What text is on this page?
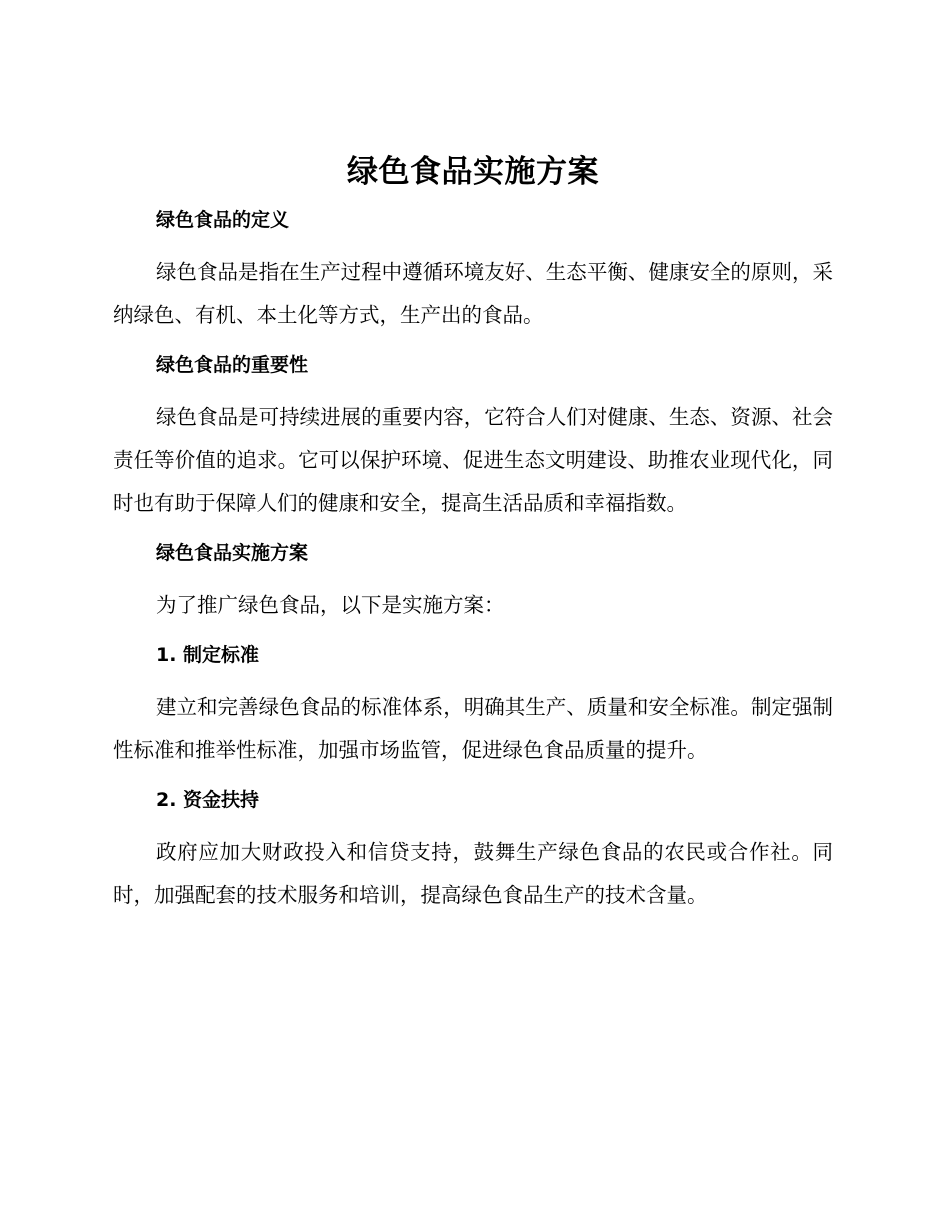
绿色食品实施方案
绿色食品的定义

绿色食品是指在生产过程中遵循环境友好、生态平衡、健康安全的原则，采纳绿色、有机、本土化等方式，生产出的食品。

绿色食品的重要性

绿色食品是可持续进展的重要内容，它符合人们对健康、生态、资源、社会责任等价值的追求。它可以保护环境、促进生态文明建设、助推农业现代化，同时也有助于保障人们的健康和安全，提高生活品质和幸福指数。

绿色食品实施方案

为了推广绿色食品，以下是实施方案：

1. 制定标准

建立和完善绿色食品的标准体系，明确其生产、质量和安全标准。制定强制性标准和推举性标准，加强市场监管，促进绿色食品质量的提升。

2. 资金扶持

政府应加大财政投入和信贷支持，鼓舞生产绿色食品的农民或合作社。同时，加强配套的技术服务和培训，提高绿色食品生产的技术含量。
